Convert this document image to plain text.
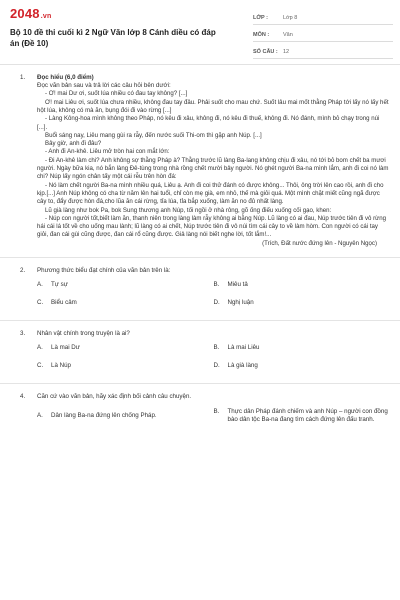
2048.vn
Bộ 10 đề thi cuối kì 2 Ngữ Văn lớp 8 Cánh diều có đáp án (Đề 10)
LỚP :	Lớp 8
MÔN :	Văn
SỐ CÂU : 12
1. Đọc hiểu (6,0 điểm)
Đọc văn bản sau và trả lời các câu hỏi bên dưới:

- Ơ! mai Dư ơi, suốt lúa nhiều có đau tay không? [...]

Ơ! mai Liêu ơi, suốt lúa chưa nhiều, không đau tay đâu. Phải suốt cho mau chứ. Suốt lâu mai mốt thằng Pháp tới lấy nó lấy hết hột lúa, không có mà ăn, bụng đói đi vào rừng [...]

- Làng Kông-hoa mình không theo Pháp, nó kêu đi xâu, không đi, nó kêu đi thuế, không đi. Nó đánh, mình bỏ chạy trong núi [...].

Buổi sáng nay, Liêu mang gùi ra rẫy, đến nước suối Thi-om thì gặp anh Núp. [...]

Bây giờ, anh đi đâu?

- Anh đi An-khê. Liêu mở tròn hai con mắt lớn:

- Đi An-khê làm chi? Anh không sợ thằng Pháp à? Thằng trước lũ làng Ba-lang không chịu đi xâu, nó tới bỏ bom chết ba mươi người. Ngày bữa kia, nó bắn làng Đê-tùng trong nhà rồng chết mười bảy người. Nó ghét người Ba-na mình lắm, anh đi coi nó làm chi? Núp lấy ngón chân tấy một cái rễu trên hòn đá:

- Nó làm chết người Ba-na mình nhiều quá, Liêu ạ. Anh đi coi thử đánh có được không... Thôi, ông trời lên cao rồi, anh đi cho kịp.[...] Anh Núp không có cha từ năm lên hai tuổi, chỉ còn mẹ già, em nhỏ, thế mà giỏi quá. Một mình chặt miết cũng ngã được cây to, đẩy được hòn đá,cho lũa ăn cái rừng, tỉa lúa, tỉa bắp xuống, làm ăn no đủ nhất làng.

Lũ già làng như bok Pa, bok Sung thương anh Núp, tối ngồi ở nhà rông, gõ ống điếu xuống cối gạo, khen:

- Núp con người tốt,biết làm ăn, thanh niên trong làng làm rẫy không ai bằng Núp. Lũ làng có ai đau, Núp trước tiên đi vô rừng hái cái lá tốt về cho uống mau lành; lũ làng có ai chết, Núp trước tiên đi vô núi tìm cái cây to về làm hòm. Con người có cái tay giỏi, đan cái gùi cũng được, đan cái rổ cũng được. Giả làng nói biết nghe lời, tốt lắm!...

(Trích, Đất nước đứng lên - Nguyên Ngọc)

2. Phương thức biểu đạt chính của văn bản trên là:
A.	Tự sự	B.	Miêu tả
C.	Biểu cảm	D.	Nghị luận
3. Nhân vật chính trong truyện là ai?
A.	Là mai Dư	B.	Là mai Liêu
C.	Là Núp	D.	Là già làng
4. Căn cứ vào văn bản, hãy xác định bối cảnh câu chuyện.
A.	Dân làng Ba-na đứng lên chống Pháp.
B.	Thực dân Pháp đánh chiếm và anh Núp – người con đồng bào dân tộc Ba-na đang tìm cách đứng lên đấu tranh.
